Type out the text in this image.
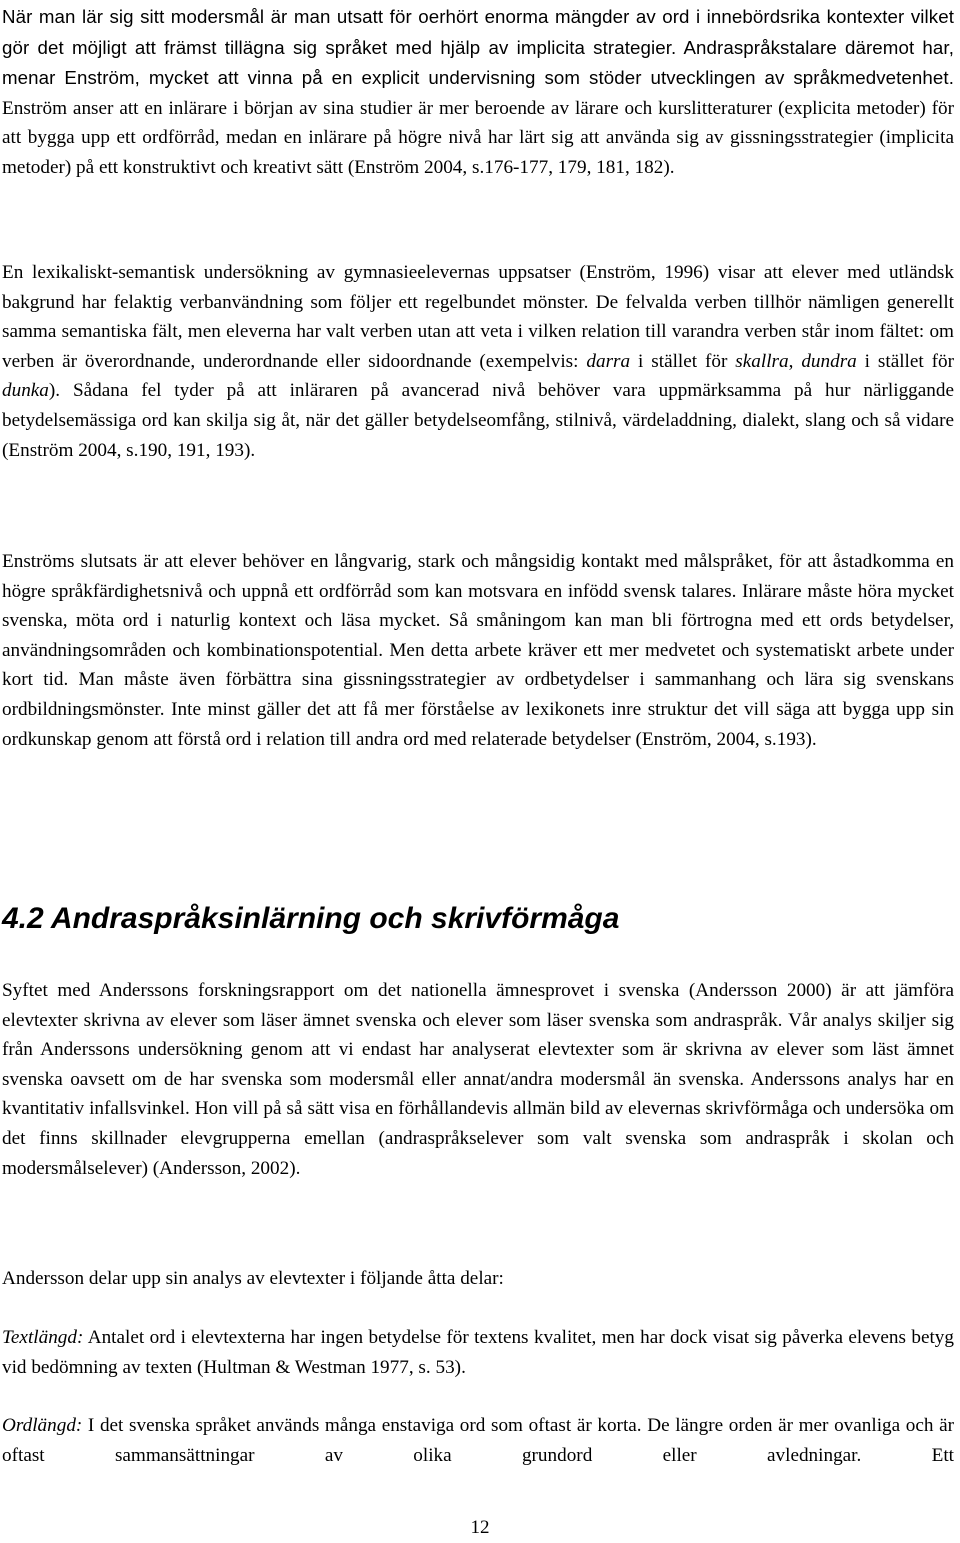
När man lär sig sitt modersmål är man utsatt för oerhört enorma mängder av ord i innebördsrika kontexter vilket gör det möjligt att främst tillägna sig språket med hjälp av implicita strategier. Andraspråkstalare däremot har, menar Enström, mycket att vinna på en explicit undervisning som stöder utvecklingen av språkmedvetenhet. Enström anser att en inlärare i början av sina studier är mer beroende av lärare och kurslitteraturer (explicita metoder) för att bygga upp ett ordförråd, medan en inlärare på högre nivå har lärt sig att använda sig av gissningsstrategier (implicita metoder) på ett konstruktivt och kreativt sätt (Enström 2004, s.176-177, 179, 181, 182).

En lexikaliskt-semantisk undersökning av gymnasieelevernas uppsatser (Enström, 1996) visar att elever med utländsk bakgrund har felaktig verbanvändning som följer ett regelbundet mönster. De felvalda verben tillhör nämligen generellt samma semantiska fält, men eleverna har valt verben utan att veta i vilken relation till varandra verben står inom fältet: om verben är överordnande, underordnande eller sidoordnande (exempelvis: darra i stället för skallra, dundra i stället för dunka). Sådana fel tyder på att inläraren på avancerad nivå behöver vara uppmärksamma på hur närliggande betydelsemässiga ord kan skilja sig åt, när det gäller betydelseomfång, stilnivå, värdeladdning, dialekt, slang och så vidare (Enström 2004, s.190, 191, 193).

Enströms slutsats är att elever behöver en långvarig, stark och mångsidig kontakt med målspråket, för att åstadkomma en högre språkfärdighetsnivå och uppnå ett ordförråd som kan motsvara en infödd svensk talares. Inlärare måste höra mycket svenska, möta ord i naturlig kontext och läsa mycket. Så småningom kan man bli förtrogna med ett ords betydelser, användningsområden och kombinationspotential. Men detta arbete kräver ett mer medvetet och systematiskt arbete under kort tid. Man måste även förbättra sina gissningsstrategier av ordbetydelser i sammanhang och lära sig svenskans ordbildningsmönster. Inte minst gäller det att få mer förståelse av lexikonets inre struktur det vill säga att bygga upp sin ordkunskap genom att förstå ord i relation till andra ord med relaterade betydelser (Enström, 2004, s.193).

4.2 Andraspråksinlärning och skrivförmåga

Syftet med Anderssons forskningsrapport om det nationella ämnesprovet i svenska (Andersson 2000) är att jämföra elevtexter skrivna av elever som läser ämnet svenska och elever som läser svenska som andraspråk. Vår analys skiljer sig från Anderssons undersökning genom att vi endast har analyserat elevtexter som är skrivna av elever som läst ämnet svenska oavsett om de har svenska som modersmål eller annat/andra modersmål än svenska. Anderssons analys har en kvantitativ infallsvinkel. Hon vill på så sätt visa en förhållandevis allmän bild av elevernas skrivförmåga och undersöka om det finns skillnader elevgrupperna emellan (andraspråkselever som valt svenska som andraspråk i skolan och modersmålselever) (Andersson, 2002).

Andersson delar upp sin analys av elevtexter i följande åtta delar:

Textlängd: Antalet ord i elevtexterna har ingen betydelse för textens kvalitet, men har dock visat sig påverka elevens betyg vid bedömning av texten (Hultman & Westman 1977, s. 53).

Ordlängd: I det svenska språket används många enstaviga ord som oftast är korta. De längre orden är mer ovanliga och är oftast sammansättningar av olika grundord eller avledningar. Ett

12
